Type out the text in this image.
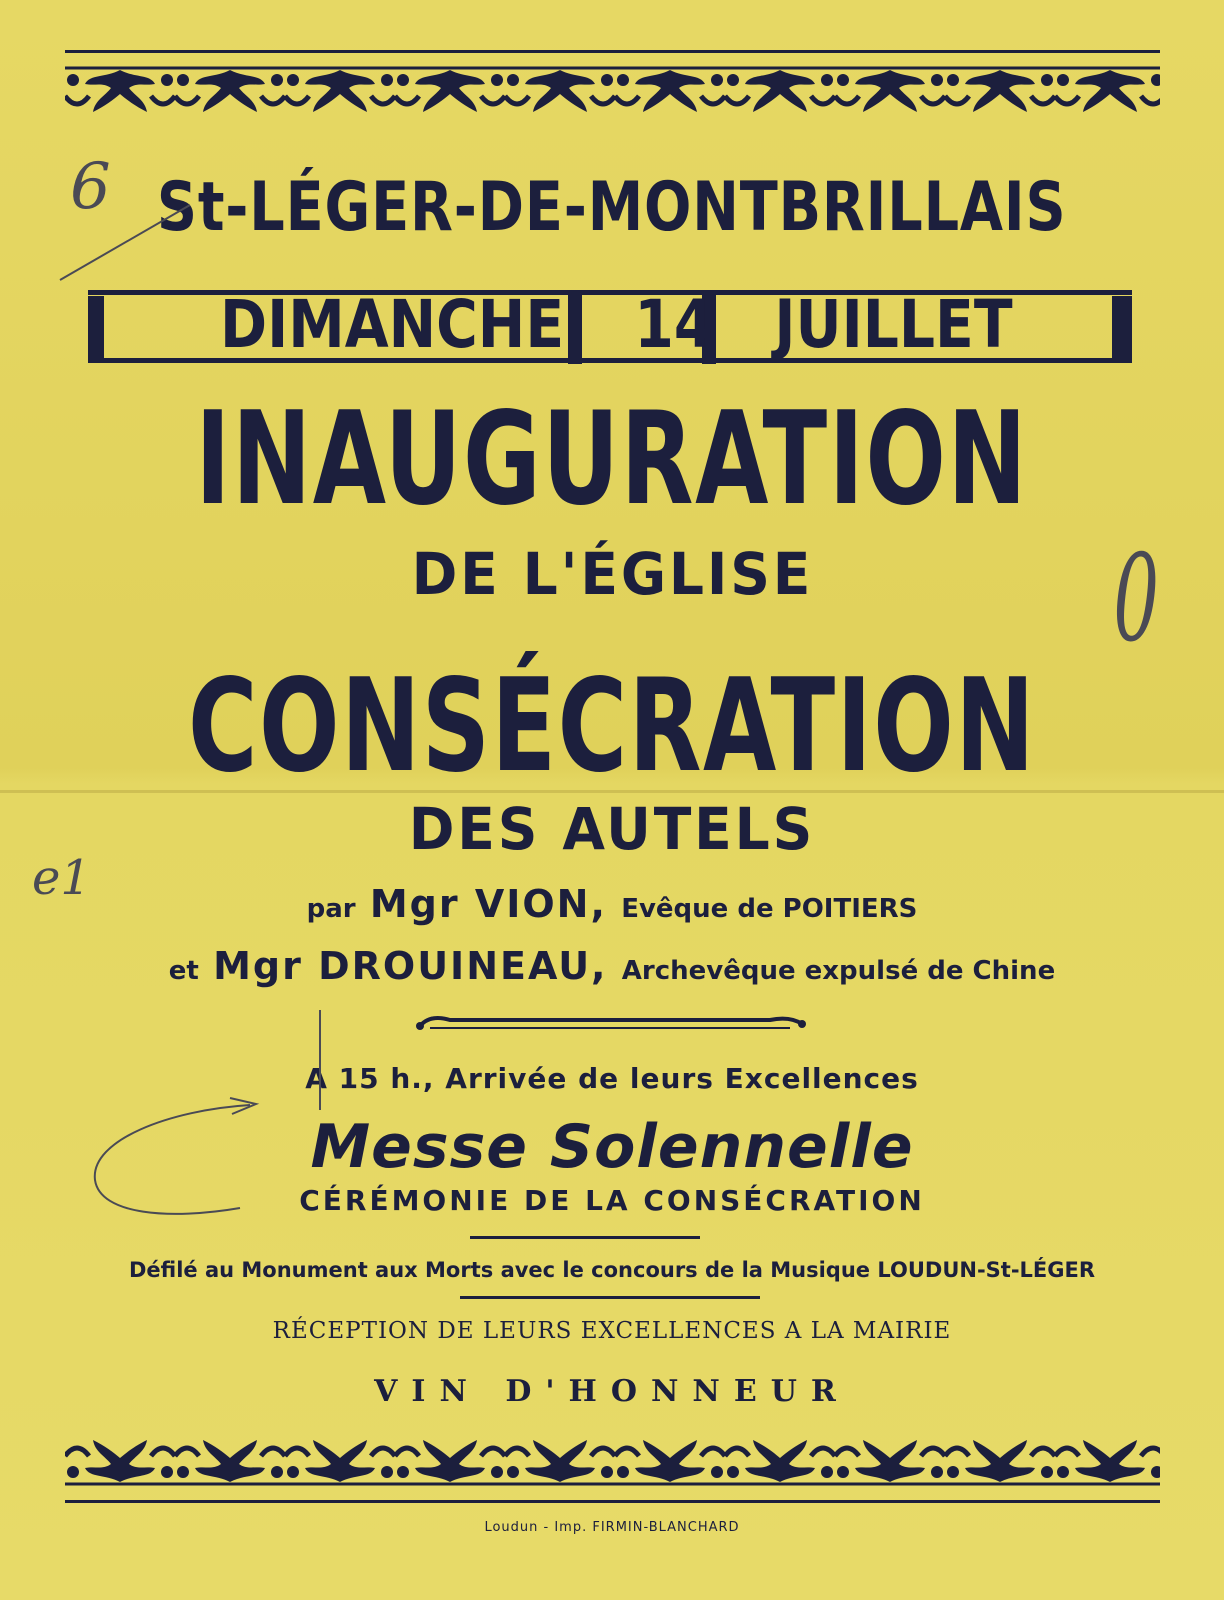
St-LÉGER-DE-MONTBRILLAIS
DIMANCHE 14 JUILLET
INAUGURATION
DE L'ÉGLISE
CONSÉCRATION
DES AUTELS
par Mgr VION, Evêque de POITIERS
et Mgr DROUINEAU, Archevêque expulsé de Chine
A 15 h., Arrivée de leurs Excellences
Messe Solennelle
CÉRÉMONIE DE LA CONSÉCRATION
Défilé au Monument aux Morts avec le concours de la Musique LOUDUN-St-LÉGER
RÉCEPTION DE LEURS EXCELLENCES A LA MAIRIE
VIN D'HONNEUR
Loudun - Imp. FIRMIN-BLANCHARD
6
0
e1
